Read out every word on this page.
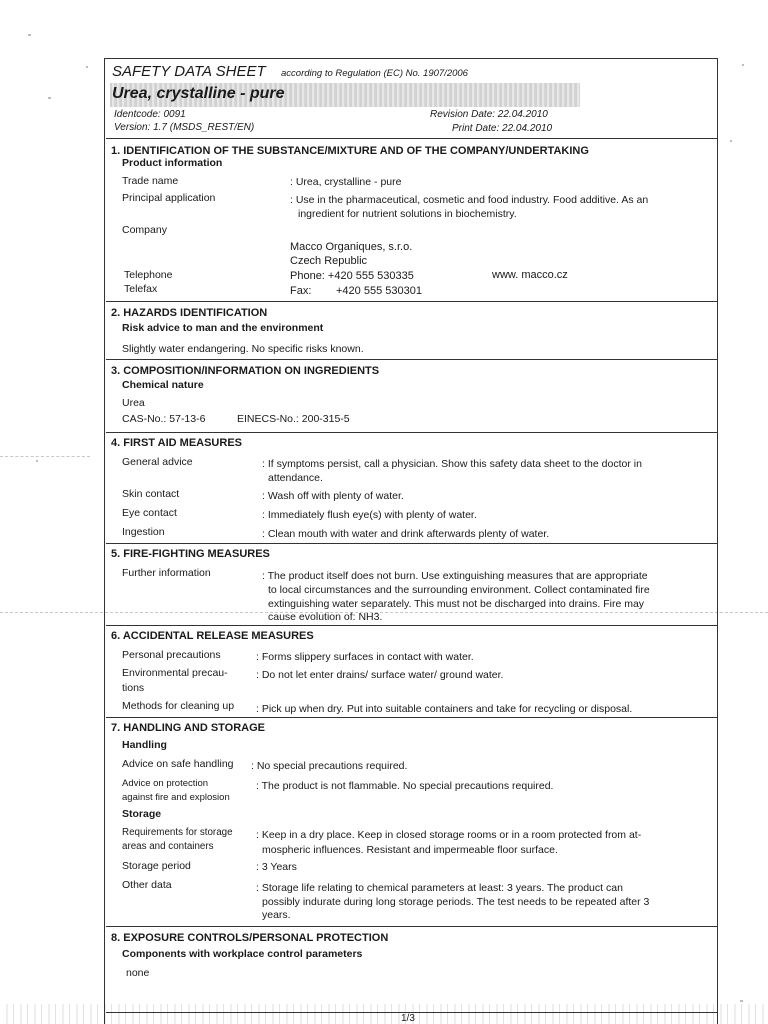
SAFETY DATA SHEET according to Regulation (EC) No. 1907/2006
Urea, crystalline - pure
Identcode: 0091
Version: 1.7 (MSDS_REST/EN)
Revision Date: 22.04.2010
Print Date: 22.04.2010
1. IDENTIFICATION OF THE SUBSTANCE/MIXTURE AND OF THE COMPANY/UNDERTAKING
Product information
Trade name	: Urea, crystalline - pure
Principal application	: Use in the pharmaceutical, cosmetic and food industry. Food additive. As an
ingredient for nutrient solutions in biochemistry.
Company
Macco Organiques, s.r.o.
Czech Republic
Telephone	Phone: +420 555 530335	www. macco.cz
Telefax	Fax: +420 555 530301
2. HAZARDS IDENTIFICATION
Risk advice to man and the environment
Slightly water endangering. No specific risks known.
3. COMPOSITION/INFORMATION ON INGREDIENTS
Chemical nature
Urea
CAS-No.: 57-13-6	EINECS-No.: 200-315-5
4. FIRST AID MEASURES
General advice	: If symptoms persist, call a physician. Show this safety data sheet to the doctor in
attendance.
Skin contact	: Wash off with plenty of water.
Eye contact	: Immediately flush eye(s) with plenty of water.
Ingestion	: Clean mouth with water and drink afterwards plenty of water.
5. FIRE-FIGHTING MEASURES
Further information	: The product itself does not burn. Use extinguishing measures that are appropriate
to local circumstances and the surrounding environment. Collect contaminated fire
extinguishing water separately. This must not be discharged into drains. Fire may
cause evolution of: NH3.
6. ACCIDENTAL RELEASE MEASURES
Personal precautions	: Forms slippery surfaces in contact with water.
Environmental precau-
tions
: Do not let enter drains/ surface water/ ground water.
Methods for cleaning up : Pick up when dry. Put into suitable containers and take for recycling or disposal.
7. HANDLING AND STORAGE
Handling
Advice on safe handling : No special precautions required.
Advice on protection
against fire and explosion
: The product is not flammable. No special precautions required.
Storage
Requirements for storage
areas and containers
: Keep in a dry place. Keep in closed storage rooms or in a room protected from at-
mospheric influences. Resistant and impermeable floor surface.
Storage period	: 3 Years
Other data	: Storage life relating to chemical parameters at least: 3 years. The product can
possibly indurate during long storage periods. The test needs to be repeated after 3
years.
8. EXPOSURE CONTROLS/PERSONAL PROTECTION
Components with workplace control parameters
none
1/3
